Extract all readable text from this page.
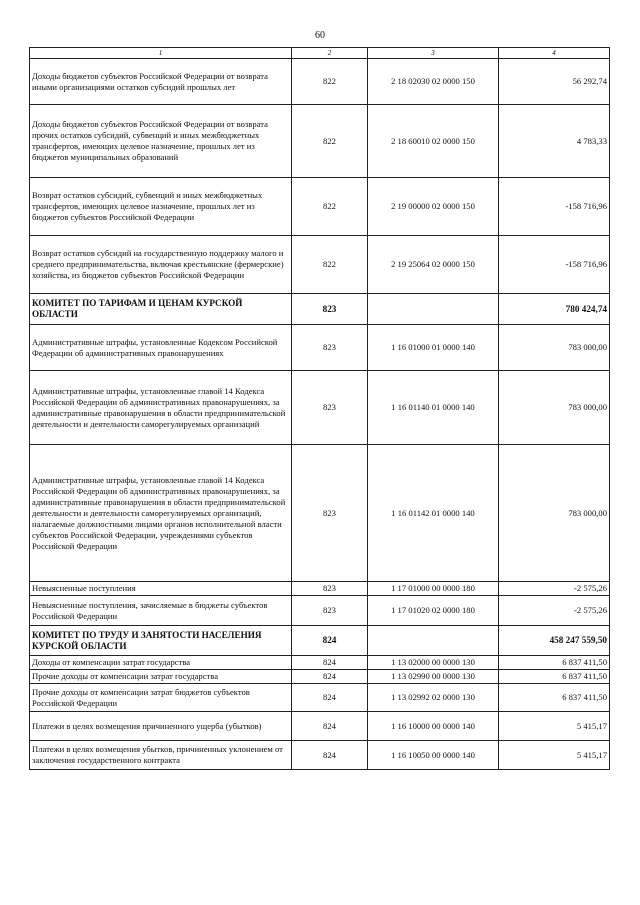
60
1	2	3	4
Доходы бюджетов субъектов Российской Федерации от возврата иными организациями остатков субсидий прошлых лет	822	2 18 02030 02 0000 150	56 292,74
Доходы бюджетов субъектов Российской Федерации от возврата прочих остатков субсидий, субвенций и иных межбюджетных трансфертов, имеющих целевое назначение, прошлых лет из бюджетов муниципальных образований	822	2 18 60010 02 0000 150	4 783,33
Возврат остатков субсидий, субвенций и иных межбюджетных трансфертов, имеющих целевое назначение, прошлых лет из бюджетов субъектов Российской Федерации	822	2 19 00000 02 0000 150	-158 716,96
Возврат остатков субсидий на государственную поддержку малого и среднего предпринимательства, включая крестьянские (фермерские) хозяйства, из бюджетов субъектов Российской Федерации	822	2 19 25064 02 0000 150	-158 716,96
КОМИТЕТ ПО ТАРИФАМ И ЦЕНАМ КУРСКОЙ ОБЛАСТИ	823		780 424,74
Административные штрафы, установленные Кодексом Российской Федерации об административных правонарушениях	823	1 16 01000 01 0000 140	783 000,00
Административные штрафы, установленные главой 14 Кодекса Российской Федерации об административных правонарушениях, за административные правонарушения в области предпринимательской деятельности и деятельности саморегулируемых организаций	823	1 16 01140 01 0000 140	783 000,00
Административные штрафы, установленные главой 14 Кодекса Российской Федерации об административных правонарушениях, за административные правонарушения в области предпринимательской деятельности и деятельности саморегулируемых организаций, налагаемые должностными лицами органов исполнительной власти субъектов Российской Федерации, учреждениями субъектов Российской Федерации	823	1 16 01142 01 0000 140	783 000,00
Невыясненные поступления	823	1 17 01000 00 0000 180	-2 575,26
Невыясненные поступления, зачисляемые в бюджеты субъектов Российской Федерации	823	1 17 01020 02 0000 180	-2 575,26
КОМИТЕТ ПО ТРУДУ И ЗАНЯТОСТИ НАСЕЛЕНИЯ КУРСКОЙ ОБЛАСТИ	824		458 247 559,50
Доходы от компенсации затрат государства	824	1 13 02000 00 0000 130	6 837 411,50
Прочие доходы от компенсации затрат государства	824	1 13 02990 00 0000 130	6 837 411,50
Прочие доходы от компенсации затрат бюджетов субъектов Российской Федерации	824	1 13 02992 02 0000 130	6 837 411,50
Платежи в целях возмещения причиненного ущерба (убытков)	824	1 16 10000 00 0000 140	5 415,17
Платежи в целях возмещения убытков, причиненных уклонением от заключения государственного контракта	824	1 16 10050 00 0000 140	5 415,17
